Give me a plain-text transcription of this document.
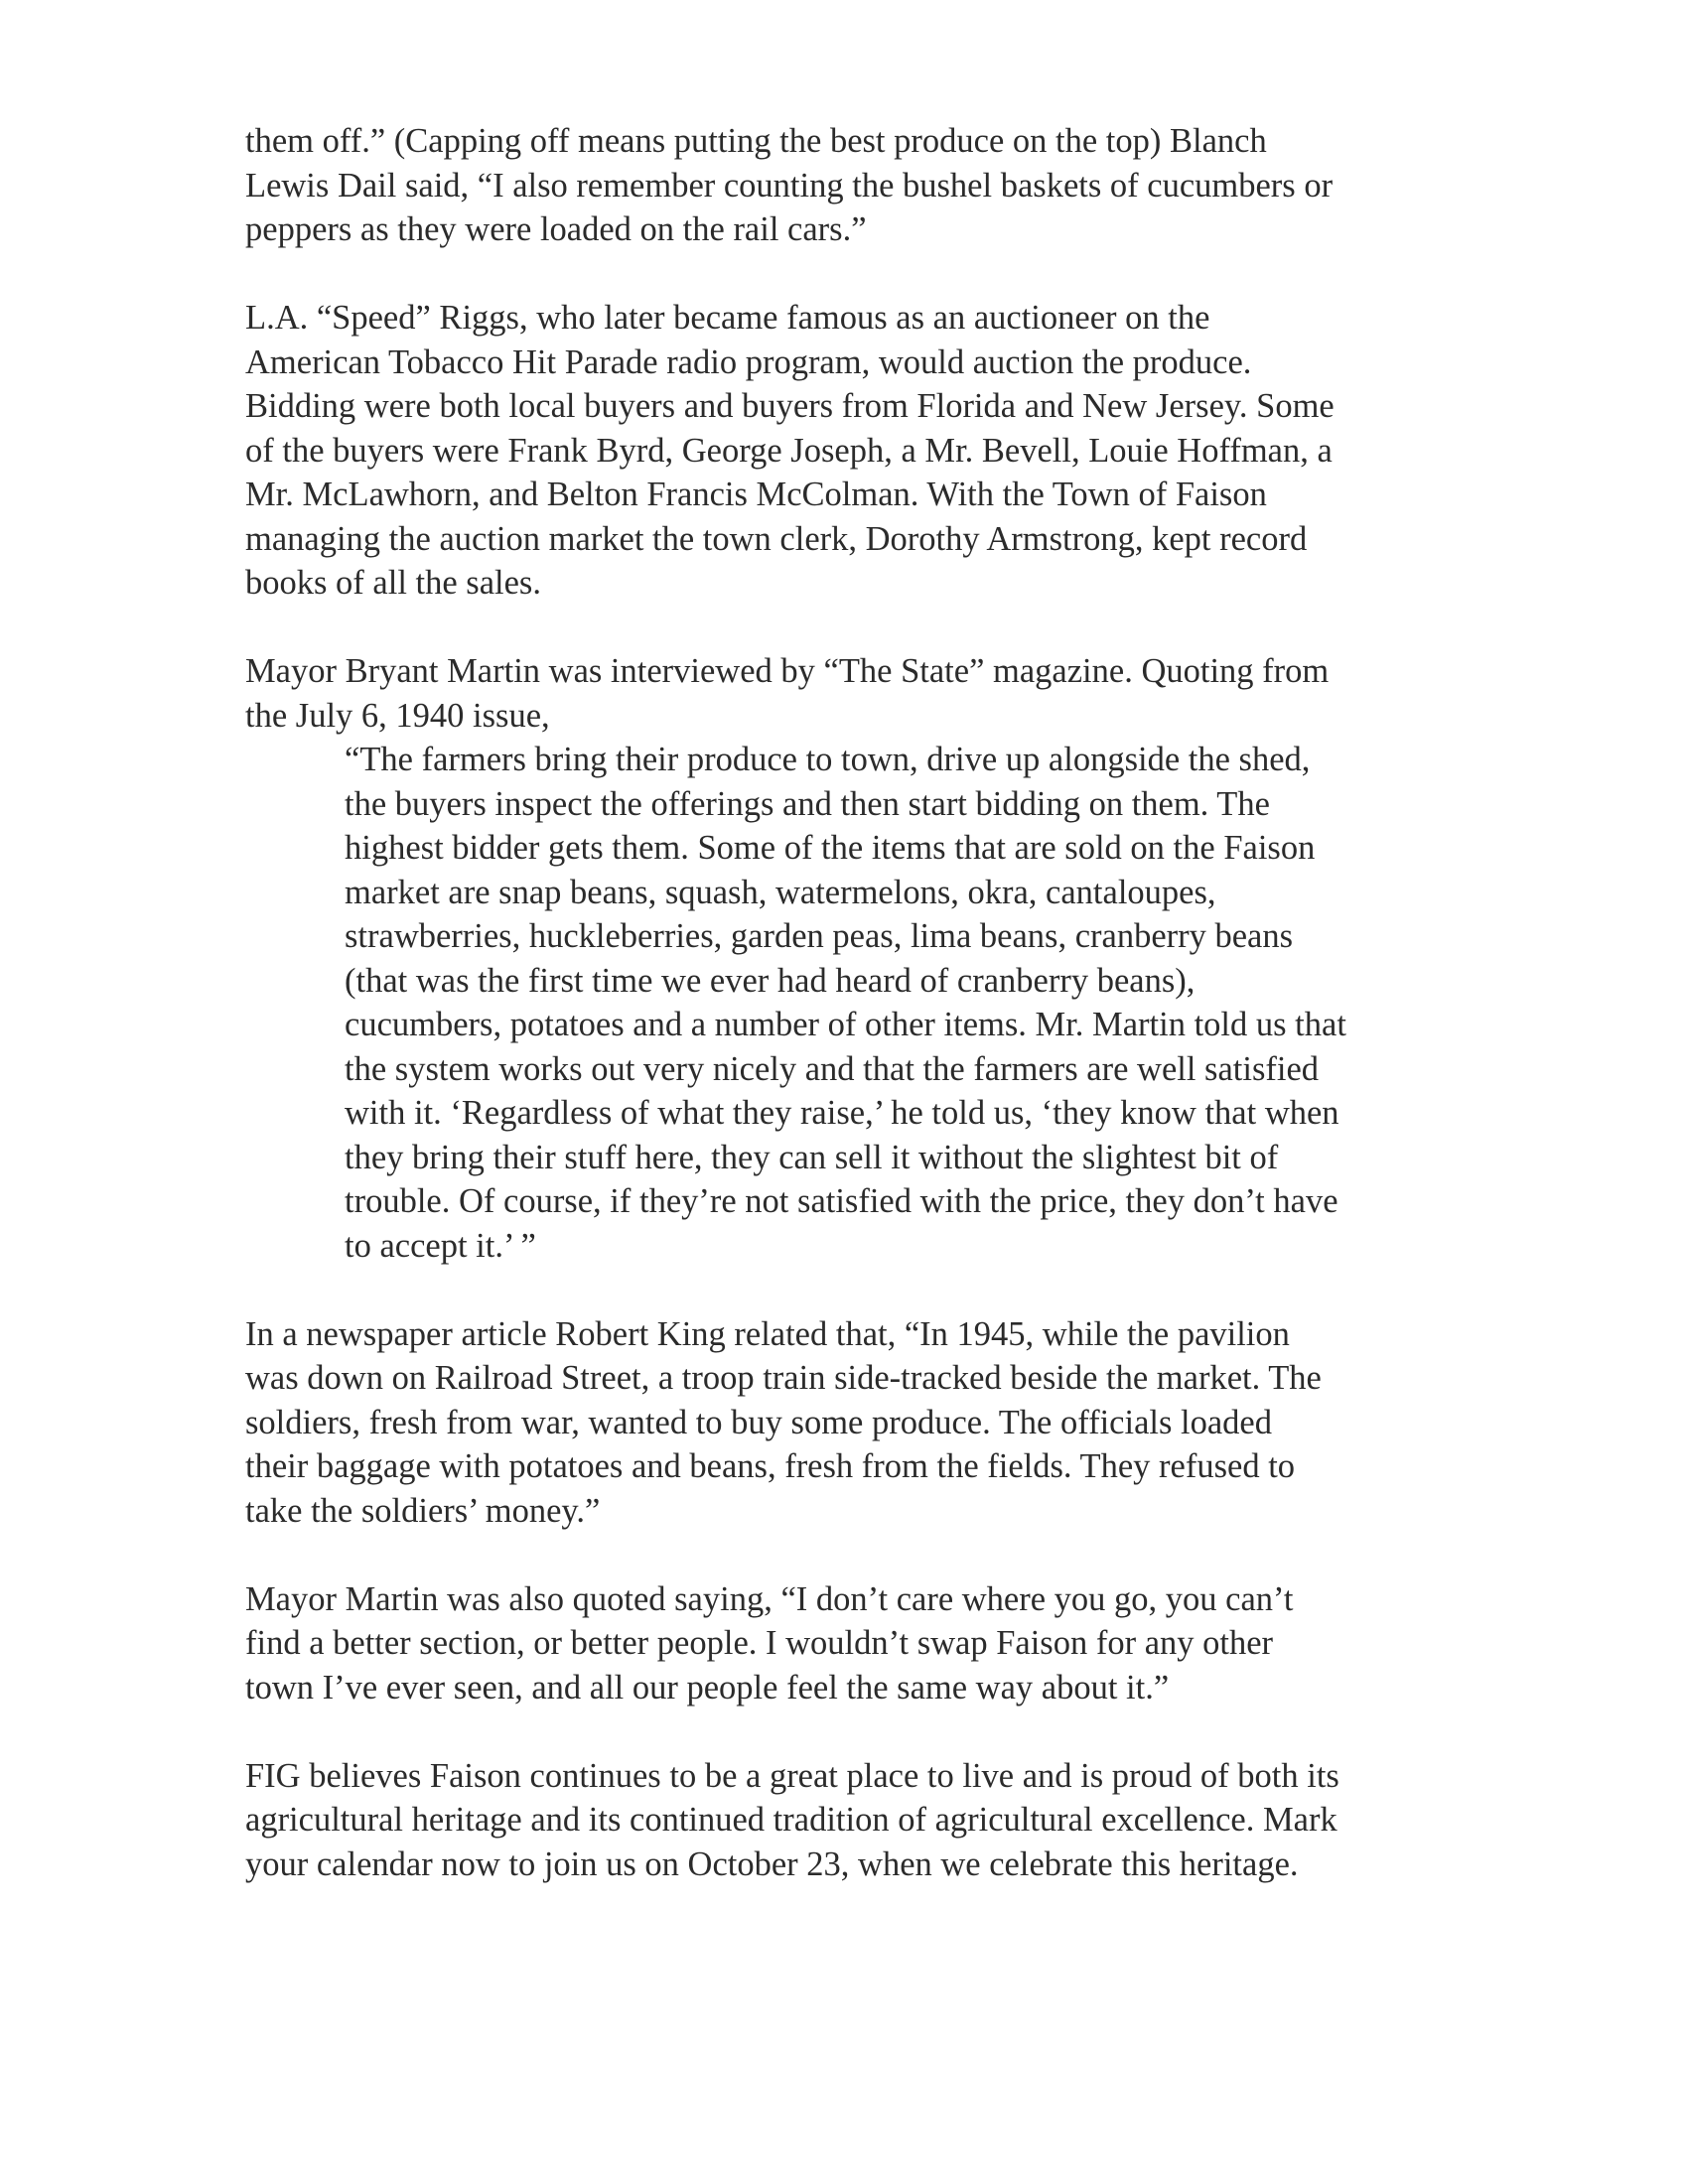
them off.” (Capping off means putting the best produce on the top) Blanch
Lewis Dail said, “I also remember counting the bushel baskets of cucumbers or
peppers as they were loaded on the rail cars.”

L.A. “Speed” Riggs, who later became famous as an auctioneer on the
American Tobacco Hit Parade radio program, would auction the produce.
Bidding were both local buyers and buyers from Florida and New Jersey. Some
of the buyers were Frank Byrd, George Joseph, a Mr. Bevell, Louie Hoffman, a
Mr. McLawhorn, and Belton Francis McColman. With the Town of Faison
managing the auction market the town clerk, Dorothy Armstrong, kept record
books of all the sales.

Mayor Bryant Martin was interviewed by “The State” magazine. Quoting from
the July 6, 1940 issue,

“The farmers bring their produce to town, drive up alongside the shed,
the buyers inspect the offerings and then start bidding on them. The
highest bidder gets them. Some of the items that are sold on the Faison
market are snap beans, squash, watermelons, okra, cantaloupes,
strawberries, huckleberries, garden peas, lima beans, cranberry beans
(that was the first time we ever had heard of cranberry beans),
cucumbers, potatoes and a number of other items. Mr. Martin told us that
the system works out very nicely and that the farmers are well satisfied
with it. ‘Regardless of what they raise,’ he told us, ‘they know that when
they bring their stuff here, they can sell it without the slightest bit of
trouble. Of course, if they’re not satisfied with the price, they don’t have
to accept it.’ ”

In a newspaper article Robert King related that, “In 1945, while the pavilion
was down on Railroad Street, a troop train side-tracked beside the market. The
soldiers, fresh from war, wanted to buy some produce. The officials loaded
their baggage with potatoes and beans, fresh from the fields. They refused to
take the soldiers’ money.”

Mayor Martin was also quoted saying, “I don’t care where you go, you can’t
find a better section, or better people. I wouldn’t swap Faison for any other
town I’ve ever seen, and all our people feel the same way about it.”

FIG believes Faison continues to be a great place to live and is proud of both its
agricultural heritage and its continued tradition of agricultural excellence. Mark
your calendar now to join us on October 23, when we celebrate this heritage.
